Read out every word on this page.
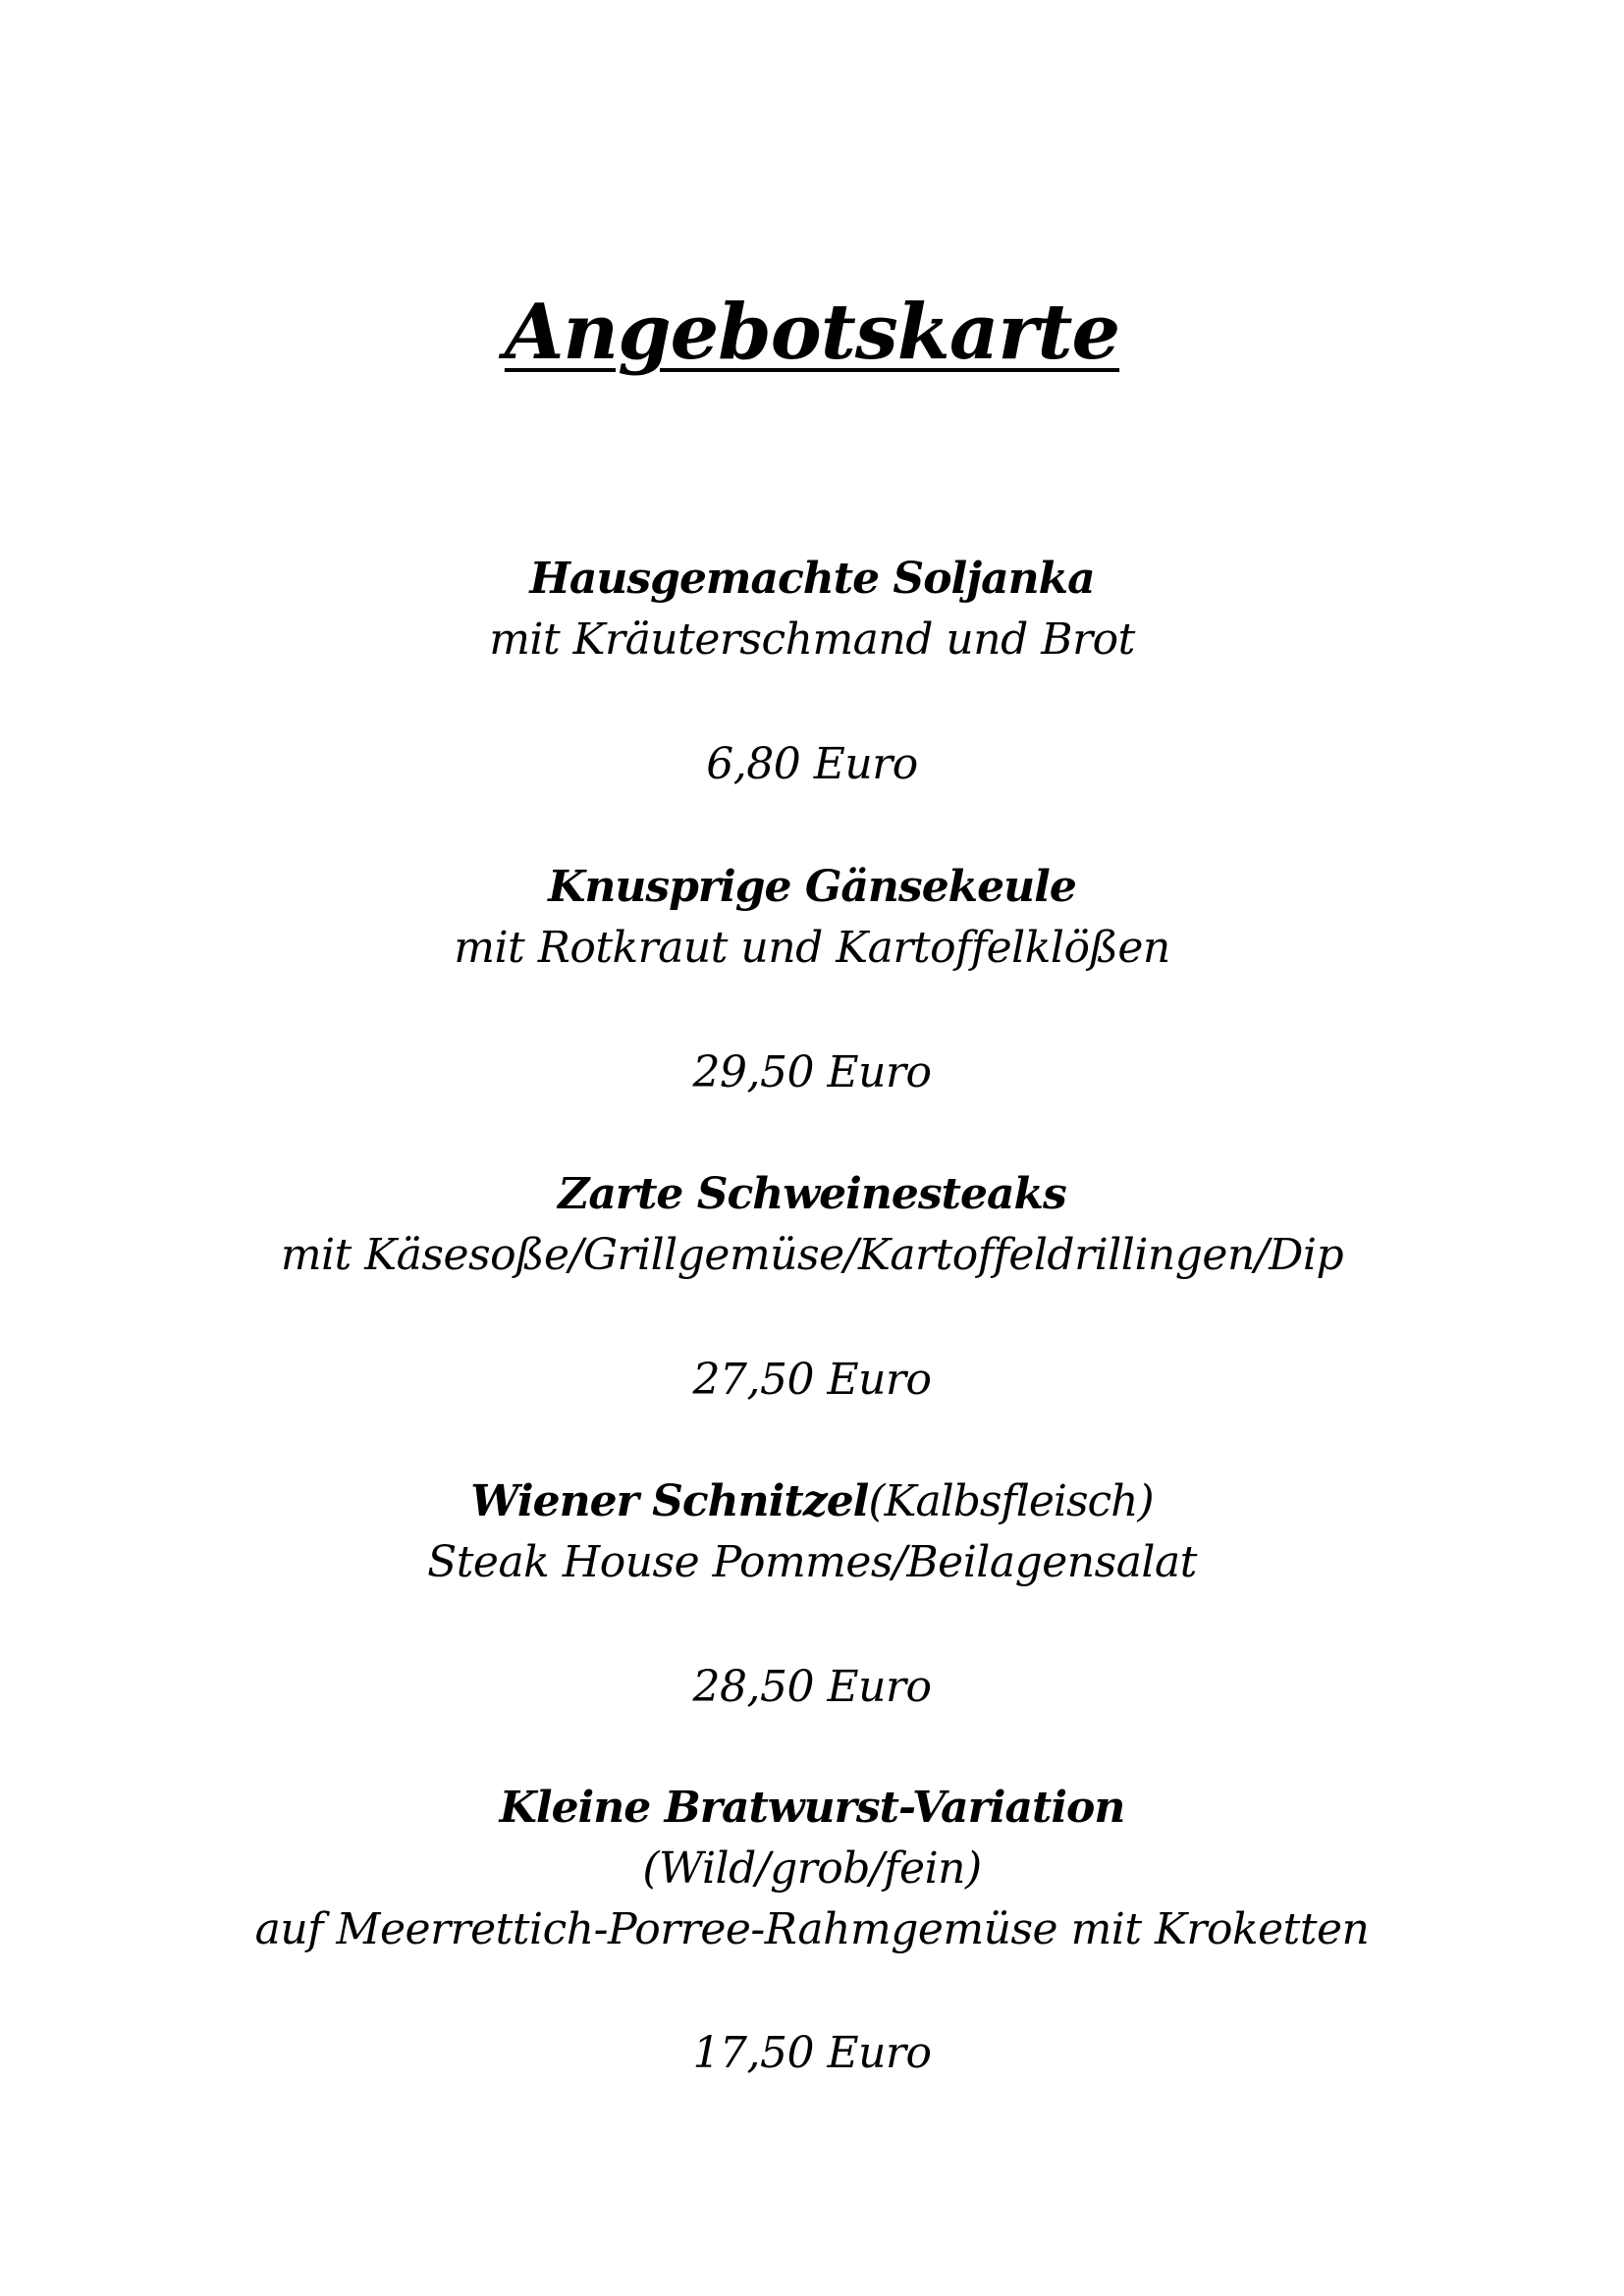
Angebotskarte
Hausgemachte Soljanka
mit Kräuterschmand und Brot
6,80 Euro
Knusprige Gänsekeule
mit Rotkraut und Kartoffelklößen
29,50 Euro
Zarte Schweinesteaks
mit Käsesoße/Grillgemüse/Kartoffeldrillingen/Dip
27,50 Euro
Wiener Schnitzel(Kalbsfleisch)
Steak House Pommes/Beilagensalat
28,50 Euro
Kleine Bratwurst-Variation
(Wild/grob/fein)
auf Meerrettich-Porree-Rahmgemüse mit Kroketten
17,50 Euro
